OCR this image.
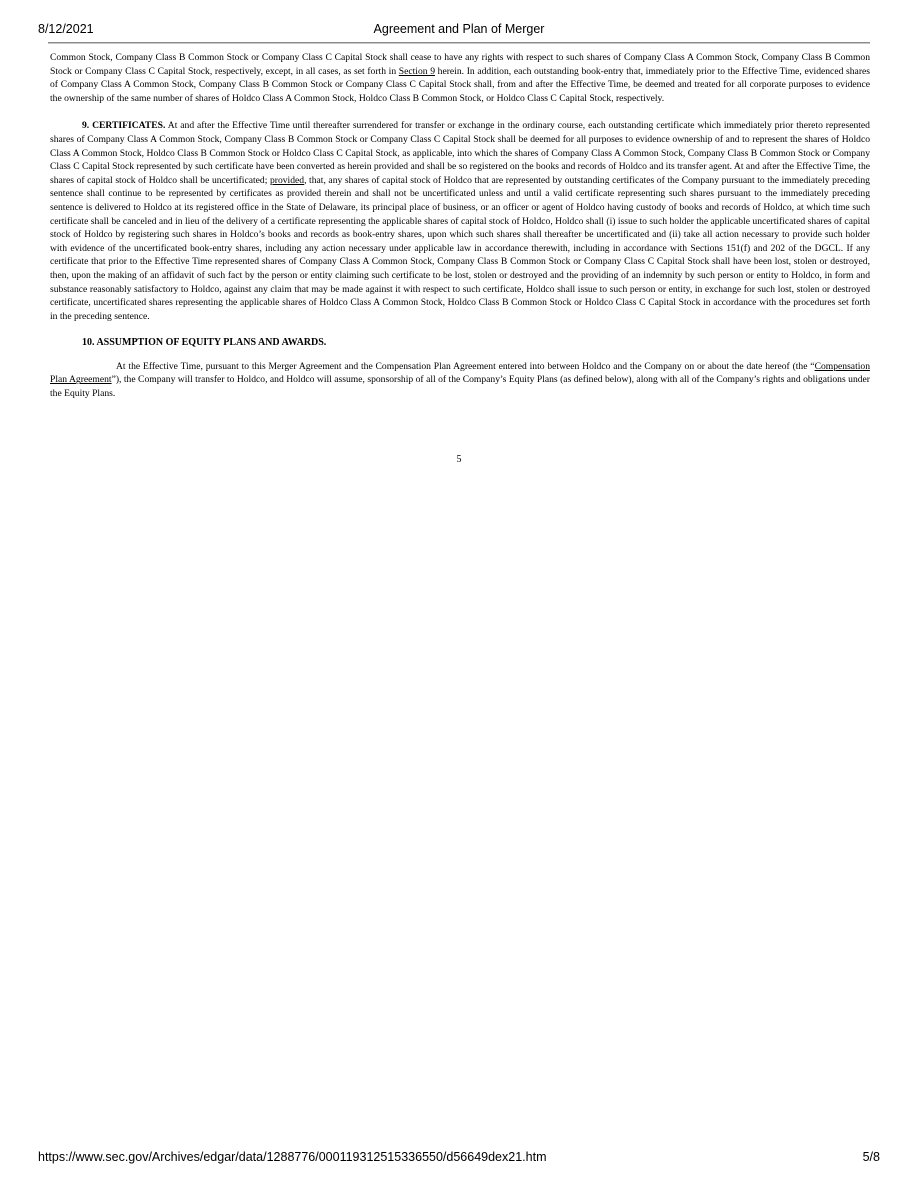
8/12/2021	Agreement and Plan of Merger

Common Stock, Company Class B Common Stock or Company Class C Capital Stock shall cease to have any rights with respect to such shares of Company Class A Common Stock, Company Class B Common Stock or Company Class C Capital Stock, respectively, except, in all cases, as set forth in Section 9 herein. In addition, each outstanding book-entry that, immediately prior to the Effective Time, evidenced shares of Company Class A Common Stock, Company Class B Common Stock or Company Class C Capital Stock shall, from and after the Effective Time, be deemed and treated for all corporate purposes to evidence the ownership of the same number of shares of Holdco Class A Common Stock, Holdco Class B Common Stock, or Holdco Class C Capital Stock, respectively.

9. CERTIFICATES. At and after the Effective Time until thereafter surrendered for transfer or exchange in the ordinary course, each outstanding certificate which immediately prior thereto represented shares of Company Class A Common Stock, Company Class B Common Stock or Company Class C Capital Stock shall be deemed for all purposes to evidence ownership of and to represent the shares of Holdco Class A Common Stock, Holdco Class B Common Stock or Holdco Class C Capital Stock, as applicable, into which the shares of Company Class A Common Stock, Company Class B Common Stock or Company Class C Capital Stock represented by such certificate have been converted as herein provided and shall be so registered on the books and records of Holdco and its transfer agent. At and after the Effective Time, the shares of capital stock of Holdco shall be uncertificated; provided, that, any shares of capital stock of Holdco that are represented by outstanding certificates of the Company pursuant to the immediately preceding sentence shall continue to be represented by certificates as provided therein and shall not be uncertificated unless and until a valid certificate representing such shares pursuant to the immediately preceding sentence is delivered to Holdco at its registered office in the State of Delaware, its principal place of business, or an officer or agent of Holdco having custody of books and records of Holdco, at which time such certificate shall be canceled and in lieu of the delivery of a certificate representing the applicable shares of capital stock of Holdco, Holdco shall (i) issue to such holder the applicable uncertificated shares of capital stock of Holdco by registering such shares in Holdco’s books and records as book-entry shares, upon which such shares shall thereafter be uncertificated and (ii) take all action necessary to provide such holder with evidence of the uncertificated book-entry shares, including any action necessary under applicable law in accordance therewith, including in accordance with Sections 151(f) and 202 of the DGCL. If any certificate that prior to the Effective Time represented shares of Company Class A Common Stock, Company Class B Common Stock or Company Class C Capital Stock shall have been lost, stolen or destroyed, then, upon the making of an affidavit of such fact by the person or entity claiming such certificate to be lost, stolen or destroyed and the providing of an indemnity by such person or entity to Holdco, in form and substance reasonably satisfactory to Holdco, against any claim that may be made against it with respect to such certificate, Holdco shall issue to such person or entity, in exchange for such lost, stolen or destroyed certificate, uncertificated shares representing the applicable shares of Holdco Class A Common Stock, Holdco Class B Common Stock or Holdco Class C Capital Stock in accordance with the procedures set forth in the preceding sentence.

10. ASSUMPTION OF EQUITY PLANS AND AWARDS.

At the Effective Time, pursuant to this Merger Agreement and the Compensation Plan Agreement entered into between Holdco and the Company on or about the date hereof (the “Compensation Plan Agreement”), the Company will transfer to Holdco, and Holdco will assume, sponsorship of all of the Company’s Equity Plans (as defined below), along with all of the Company’s rights and obligations under the Equity Plans.

5
https://www.sec.gov/Archives/edgar/data/1288776/000119312515336550/d56649dex21.htm	5/8
